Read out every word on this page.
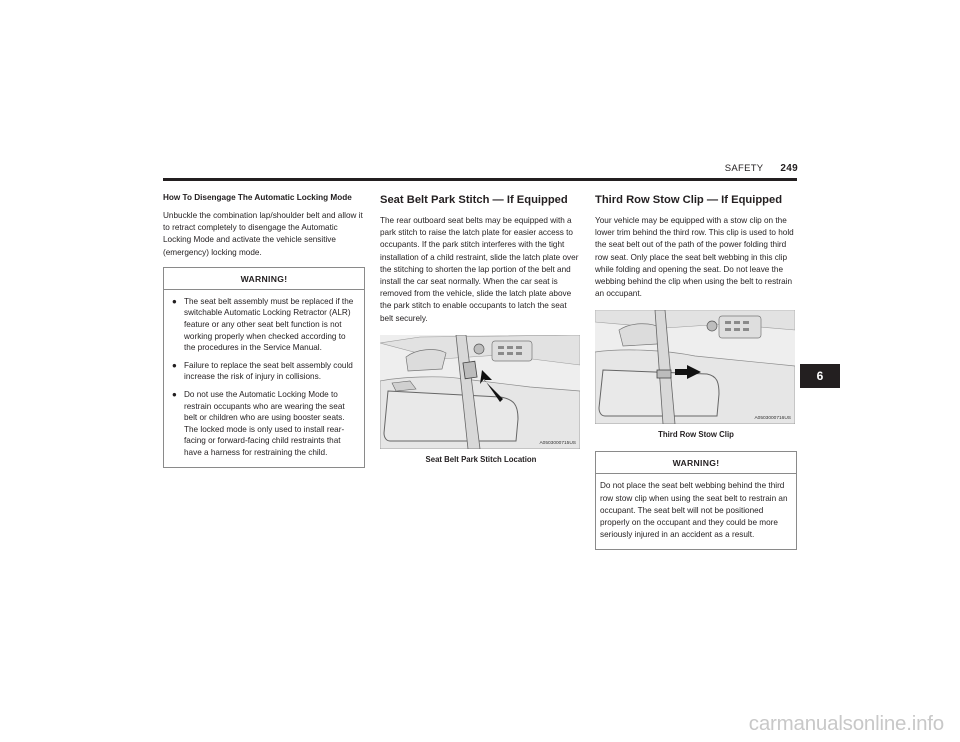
SAFETY 249
How To Disengage The Automatic Locking Mode

Unbuckle the combination lap/shoulder belt and allow it to retract completely to disengage the Automatic Locking Mode and activate the vehicle sensitive (emergency) locking mode.

WARNING!
● The seat belt assembly must be replaced if the switchable Automatic Locking Retractor (ALR) feature or any other seat belt function is not working properly when checked according to the procedures in the Service Manual.
● Failure to replace the seat belt assembly could increase the risk of injury in collisions.
● Do not use the Automatic Locking Mode to restrain occupants who are wearing the seat belt or children who are using booster seats. The locked mode is only used to install rear-facing or forward-facing child restraints that have a harness for restraining the child.
Seat Belt Park Stitch — If Equipped

The rear outboard seat belts may be equipped with a park stitch to raise the latch plate for easier access to occupants. If the park stitch interferes with the tight installation of a child restraint, slide the latch plate over the stitching to shorten the lap portion of the belt and install the car seat normally. When the car seat is removed from the vehicle, slide the latch plate above the park stitch to enable occupants to latch the seat belt securely.

A0503000715US
Seat Belt Park Stitch Location
Third Row Stow Clip — If Equipped

Your vehicle may be equipped with a stow clip on the lower trim behind the third row. This clip is used to hold the seat belt out of the path of the power folding third row seat. Only place the seat belt webbing in this clip while folding and opening the seat. Do not leave the webbing behind the clip when using the belt to restrain an occupant.

A0503000716US
Third Row Stow Clip
WARNING!

Do not place the seat belt webbing behind the third row stow clip when using the seat belt to restrain an occupant. The seat belt will not be positioned properly on the occupant and they could be more seriously injured in an accident as a result.

6
carmanualsonline.info
